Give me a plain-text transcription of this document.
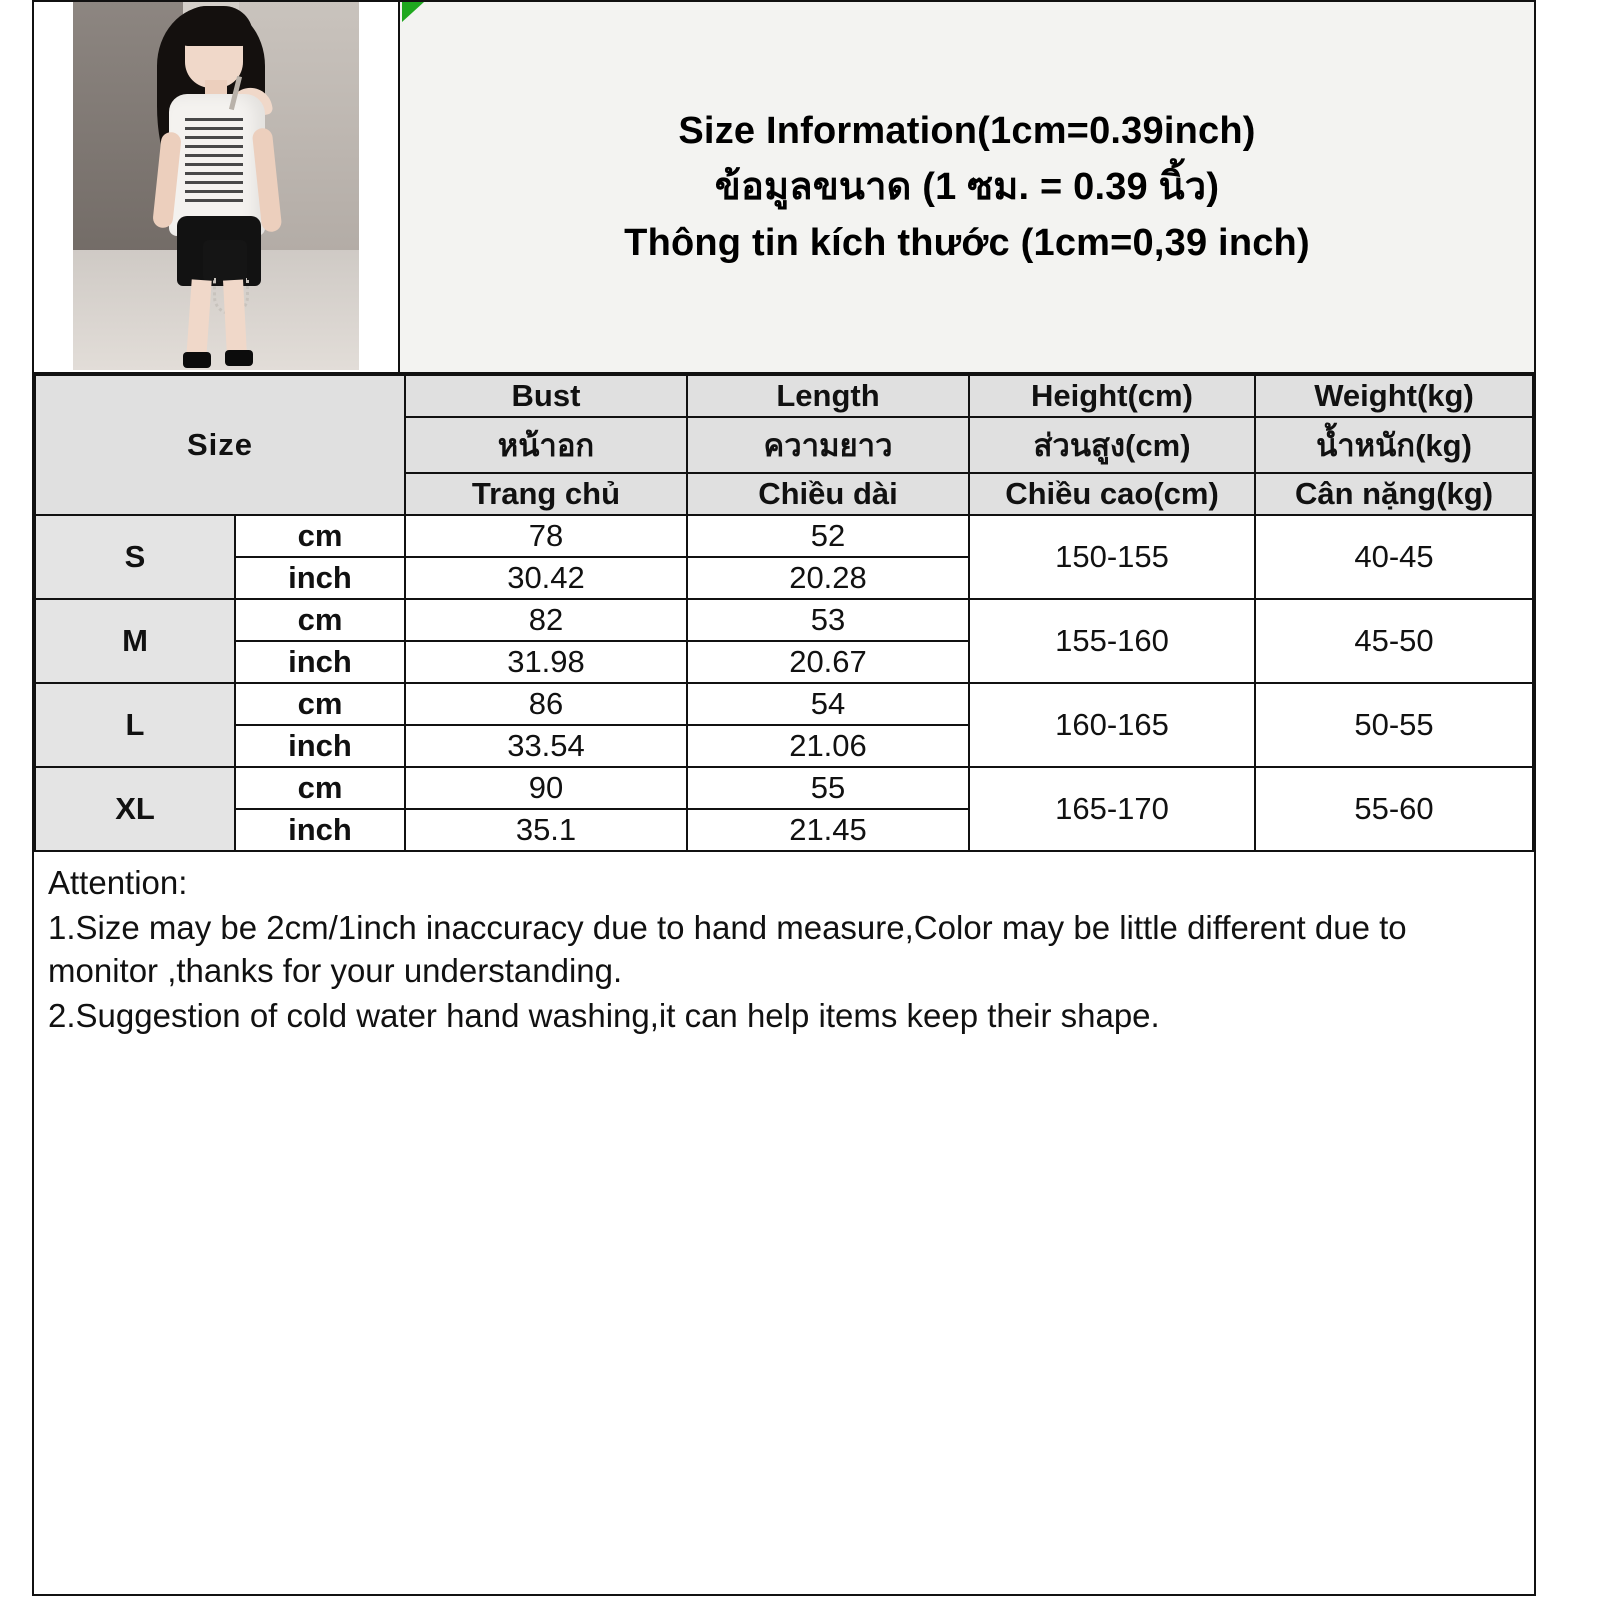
Size Information(1cm=0.39inch)
ข้อมูลขนาด (1 ซม. = 0.39 นิ้ว)
Thông tin kích thước (1cm=0,39 inch)
Size		Bust	Length	Height(cm)	Weight(kg)
		หน้าอก	ความยาว	ส่วนสูง(cm)	น้ำหนัก(kg)
		Trang chủ	Chiều dài	Chiều cao(cm)	Cân nặng(kg)
S	cm	78	52	150-155	40-45
	inch	30.42	20.28		
M	cm	82	53	155-160	45-50
	inch	31.98	20.67		
L	cm	86	54	160-165	50-55
	inch	33.54	21.06		
XL	cm	90	55	165-170	55-60
	inch	35.1	21.45		

Attention:

1.Size may be 2cm/1inch inaccuracy due to hand measure,Color may be little different due to monitor ,thanks for your understanding.

2.Suggestion of cold water hand washing,it can help items keep their shape.
